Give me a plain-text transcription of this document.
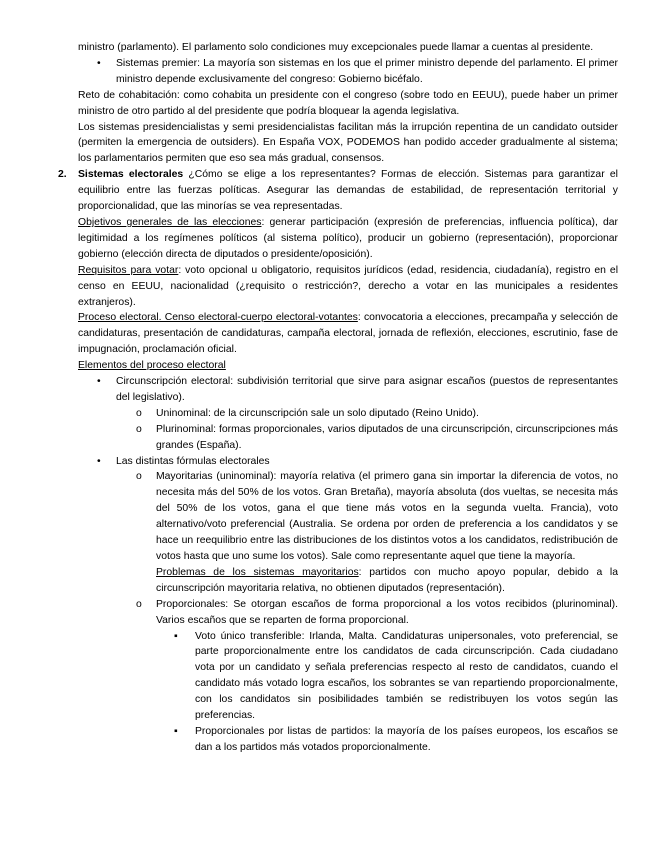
ministro (parlamento). El parlamento solo condiciones muy excepcionales puede llamar a cuentas al presidente.

• Sistemas premier: La mayoría son sistemas en los que el primer ministro depende del parlamento. El primer ministro depende exclusivamente del congreso: Gobierno bicéfalo.

Reto de cohabitación: como cohabita un presidente con el congreso (sobre todo en EEUU), puede haber un primer ministro de otro partido al del presidente que podría bloquear la agenda legislativa.

Los sistemas presidencialistas y semi presidencialistas facilitan más la irrupción repentina de un candidato outsider (permiten la emergencia de outsiders). En España VOX, PODEMOS han podido acceder gradualmente al sistema; los parlamentarios permiten que eso sea más gradual, consensos.

2. Sistemas electorales ¿Cómo se elige a los representantes? Formas de elección. Sistemas para garantizar el equilibrio entre las fuerzas políticas. Asegurar las demandas de estabilidad, de representación territorial y proporcionalidad, que las minorías se vea representadas.

Objetivos generales de las elecciones: generar participación (expresión de preferencias, influencia política), dar legitimidad a los regímenes políticos (al sistema político), producir un gobierno (representación), proporcionar gobierno (elección directa de diputados o presidente/oposición).

Requisitos para votar: voto opcional u obligatorio, requisitos jurídicos (edad, residencia, ciudadanía), registro en el censo en EEUU, nacionalidad (¿requisito o restricción?, derecho a votar en las municipales a residentes extranjeros).

Proceso electoral. Censo electoral-cuerpo electoral-votantes: convocatoria a elecciones, precampaña y selección de candidaturas, presentación de candidaturas, campaña electoral, jornada de reflexión, elecciones, escrutinio, fase de impugnación, proclamación oficial.

Elementos del proceso electoral

• Circunscripción electoral: subdivisión territorial que sirve para asignar escaños (puestos de representantes del legislativo).
o Uninominal: de la circunscripción sale un solo diputado (Reino Unido).
o Plurinominal: formas proporcionales, varios diputados de una circunscripción, circunscripciones más grandes (España).
• Las distintas fórmulas electorales
o Mayoritarias (uninominal): mayoría relativa (el primero gana sin importar la diferencia de votos, no necesita más del 50% de los votos. Gran Bretaña), mayoría absoluta (dos vueltas, se necesita más del 50% de los votos, gana el que tiene más votos en la segunda vuelta. Francia), voto alternativo/voto preferencial (Australia. Se ordena por orden de preferencia a los candidatos y se hace un reequilibrio entre las distribuciones de los distintos votos a los candidatos, redistribución de votos hasta que uno sume los votos). Sale como representante aquel que tiene la mayoría.

Problemas de los sistemas mayoritarios: partidos con mucho apoyo popular, debido a la circunscripción mayoritaria relativa, no obtienen diputados (representación).

o Proporcionales: Se otorgan escaños de forma proporcional a los votos recibidos (plurinominal). Varios escaños que se reparten de forma proporcional.
▪ Voto único transferible: Irlanda, Malta. Candidaturas unipersonales, voto preferencial, se parte proporcionalmente entre los candidatos de cada circunscripción. Cada ciudadano vota por un candidato y señala preferencias respecto al resto de candidatos, cuando el candidato más votado logra escaños, los sobrantes se van repartiendo proporcionalmente, con los candidatos sin posibilidades también se redistribuyen los votos según las preferencias.
▪ Proporcionales por listas de partidos: la mayoría de los países europeos, los escaños se dan a los partidos más votados proporcionalmente.
